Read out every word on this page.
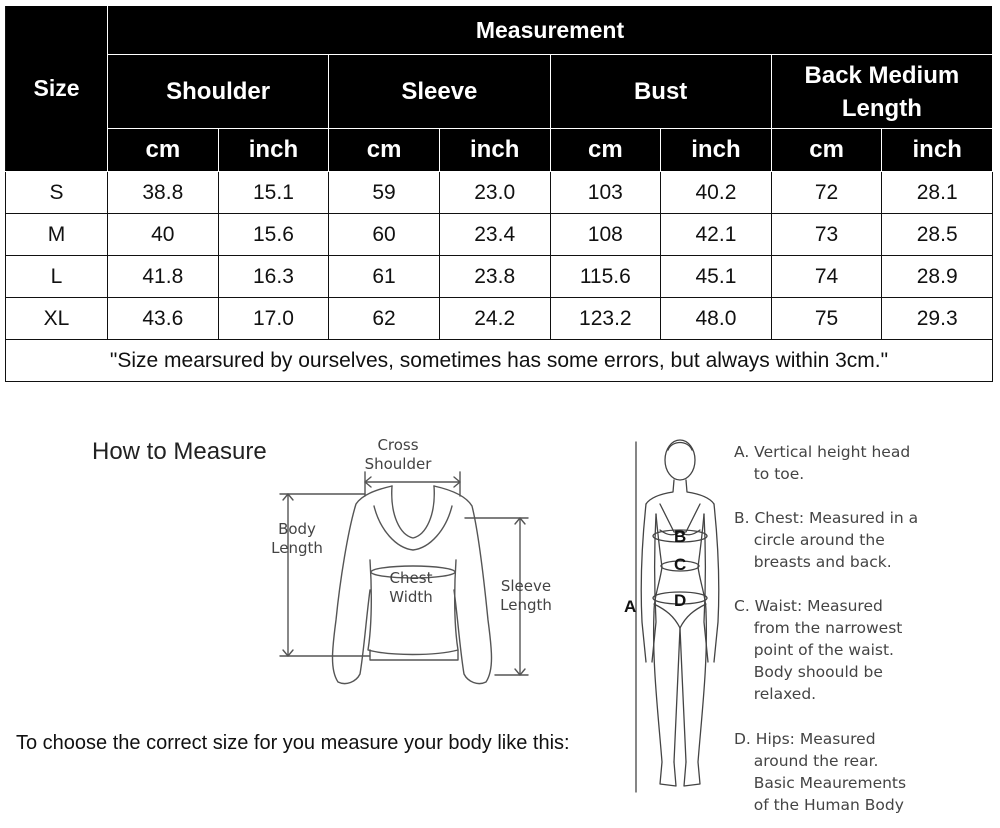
Size	Measurement							
	Shoulder		Sleeve		Bust		Back Medium Length	
	cm	inch	cm	inch	cm	inch	cm	inch
S	38.8	15.1	59	23.0	103	40.2	72	28.1
M	40	15.6	60	23.4	108	42.1	73	28.5
L	41.8	16.3	61	23.8	115.6	45.1	74	28.9
XL	43.6	17.0	62	24.2	123.2	48.0	75	29.3
"Size mearsured by ourselves, sometimes has some errors, but always within 3cm."								
How to Measure	Cross
Shoulder
Body
Length
Chest
Width
Sleeve
Length
To choose the correct size for you measure your body like this:
A
B
C
D
A. Vertical height head
to toe.
B. Chest: Measured in a
circle around the
breasts and back.
C. Waist: Measured
from the narrowest
point of the waist.
Body shoould be
relaxed.
D. Hips: Measured
around the rear.
Basic Meaurements
of the Human Body
